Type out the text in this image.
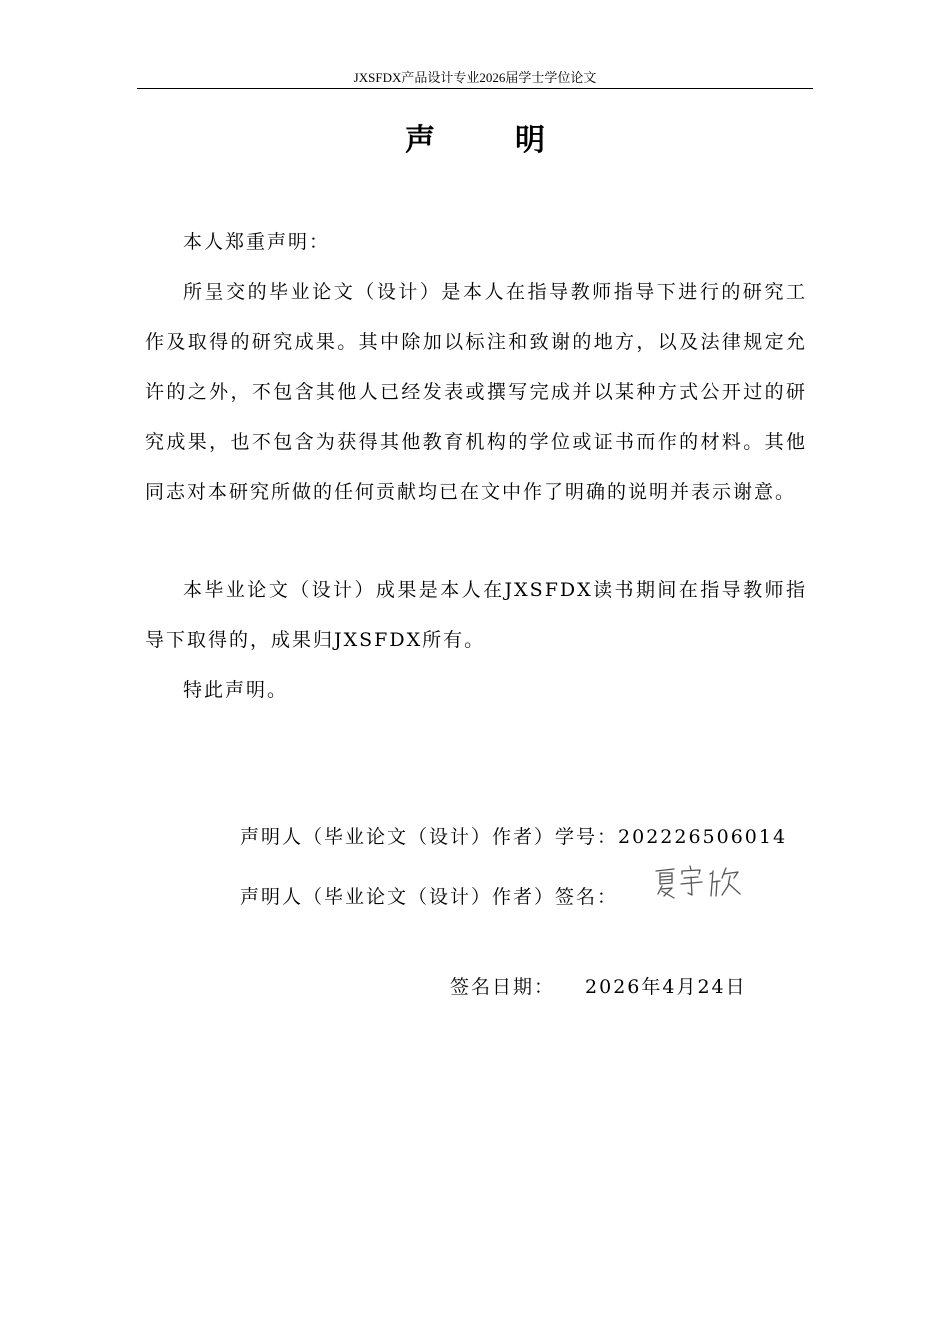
JXSFDX产品设计专业2026届学士学位论文
声明
本人郑重声明：
所呈交的毕业论文（设计）是本人在指导教师指导下进行的研究工作及取得的研究成果。其中除加以标注和致谢的地方，以及法律规定允许的之外，不包含其他人已经发表或撰写完成并以某种方式公开过的研究成果，也不包含为获得其他教育机构的学位或证书而作的材料。其他同志对本研究所做的任何贡献均已在文中作了明确的说明并表示谢意。
本毕业论文（设计）成果是本人在JXSFDX读书期间在指导教师指导下取得的，成果归JXSFDX所有。
特此声明。
声明人（毕业论文（设计）作者）学号：202226506014
声明人（毕业论文（设计）作者）签名：
签名日期： 2026年4月24日
